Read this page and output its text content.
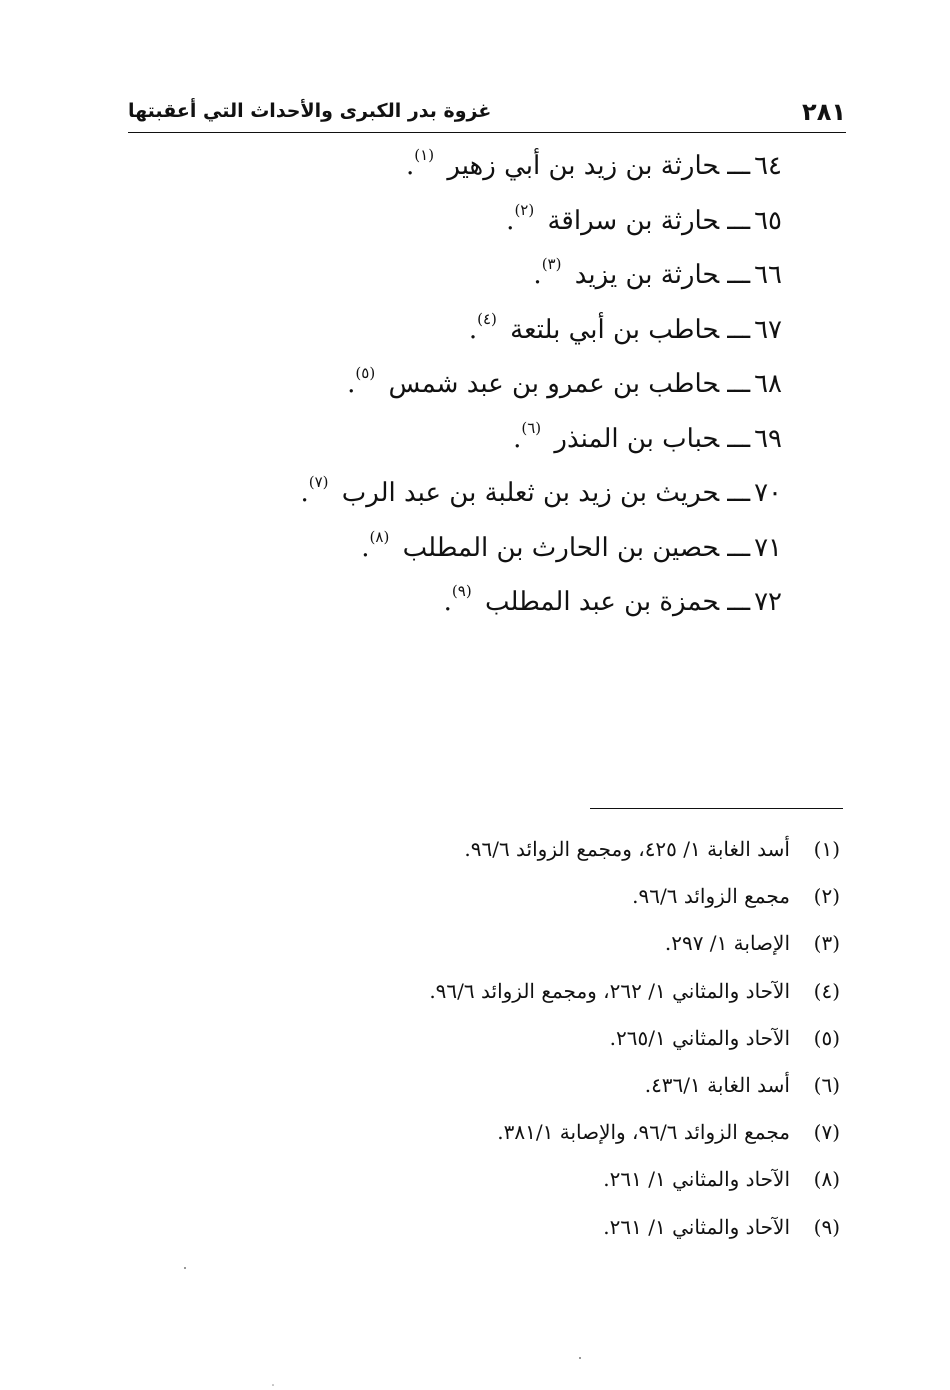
٢٨١
غزوة بدر الكبرى والأحداث التي أعقبتها
٦٤ـــحارثة بن زيد بن أبي زهير $^{(١)}$.
٦٥ـــحارثة بن سراقة $^{(٢)}$.
٦٦ـــحارثة بن يزيد $^{(٣)}$.
٦٧ـــحاطب بن أبي بلتعة $^{(٤)}$.
٦٨ـــحاطب بن عمرو بن عبد شمس $^{(٥)}$.
٦٩ـــحباب بن المنذر $^{(٦)}$.
٧٠ـــحريث بن زيد بن ثعلبة بن عبد الرب $^{(٧)}$.
٧١ـــحصين بن الحارث بن المطلب $^{(٨)}$.
٧٢ـــحمزة بن عبد المطلب $^{(٩)}$.
(١)أسد الغابة ١/ ٤٢٥، ومجمع الزوائد ٩٦/٦.
(٢)مجمع الزوائد ٩٦/٦.
(٣)الإصابة ١/ ٢٩٧.
(٤)الآحاد والمثاني ١/ ٢٦٢، ومجمع الزوائد ٩٦/٦.
(٥)الآحاد والمثاني ٢٦٥/١.
(٦)أسد الغابة ٤٣٦/١.
(٧)مجمع الزوائد ٩٦/٦، والإصابة ٣٨١/١.
(٨)الآحاد والمثاني ١/ ٢٦١.
(٩)الآحاد والمثاني ١/ ٢٦١.
